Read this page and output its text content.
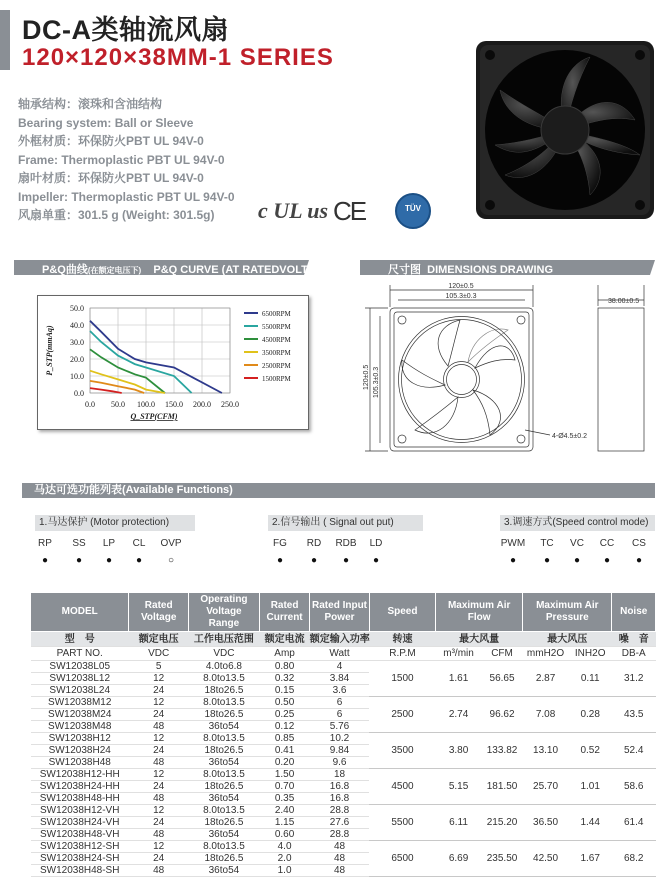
DC-A类轴流风扇
120×120×38MM-1 SERIES
轴承结构：滚珠和含油结构
Bearing system: Ball or Sleeve
外框材质：环保防火PBT UL 94V-0
Frame: Thermoplastic PBT UL 94V-0
扇叶材质：环保防火PBT UL 94V-0
Impeller: Thermoplastic PBT UL 94V-0
风扇单重：301.5 g (Weight: 301.5g)	c UL us CE	TÜV
P&Q曲线(在额定电压下) P&Q CURVE (AT RATEDVOLTAGE)	尺寸图 DIMENSIONS DRAWING
0.0 50.0 100.0 150.0 200.0 250.0
0.0
10.0
20.0
30.0
40.0
50.0
Q_STP(CFM)
P_STP(mmAq)
6500RPM
5500RPM
4500RPM
3500RPM
2500RPM
1500RPM
120±0.5
105.3±0.3
120±0.5 105.3±0.3
38.00±0.5
4-Ø4.5±0.2
马达可选功能列表(Available Functions)
1.马达保护 (Motor protection)	2.信号输出 ( Signal out put)	3.调速方式(Speed control mode)
RP
●
SS
●
LP
●
CL
●
OVP
○
FG
●
RD
●
RDB
●
LD
●
PWM
●
TC
●
VC
●
CC
●
CS
●
MODEL	Rated Voltage	Operating Voltage Range	Rated Current	Rated Input Power	Speed	Maximum Air Flow		Maximum Air Pressure		Noise
型　号	额定电压	工作电压范围	额定电流	额定输入功率	转速	最大风量		最大风压		噪　音
PART NO.	VDC	VDC	Amp	Watt	R.P.M	m³/min	CFM	mmH2O	INH2O	DB-A
SW12038L05	5	4.0to6.8	0.80	4	1500	1.61	56.65	2.87	0.11	31.2
SW12038L12	12	8.0to13.5	0.32	3.84						
SW12038L24	24	18to26.5	0.15	3.6						
SW12038M12	12	8.0to13.5	0.50	6	2500	2.74	96.62	7.08	0.28	43.5
SW12038M24	24	18to26.5	0.25	6						
SW12038M48	48	36to54	0.12	5.76						
SW12038H12	12	8.0to13.5	0.85	10.2	3500	3.80	133.82	13.10	0.52	52.4
SW12038H24	24	18to26.5	0.41	9.84						
SW12038H48	48	36to54	0.20	9.6						
SW12038H12-HH	12	8.0to13.5	1.50	18	4500	5.15	181.50	25.70	1.01	58.6
SW12038H24-HH	24	18to26.5	0.70	16.8						
SW12038H48-HH	48	36to54	0.35	16.8						
SW12038H12-VH	12	8.0to13.5	2.40	28.8	5500	6.11	215.20	36.50	1.44	61.4
SW12038H24-VH	24	18to26.5	1.15	27.6						
SW12038H48-VH	48	36to54	0.60	28.8						
SW12038H12-SH	12	8.0to13.5	4.0	48	6500	6.69	235.50	42.50	1.67	68.2
SW12038H24-SH	24	18to26.5	2.0	48						
SW12038H48-SH	48	36to54	1.0	48						
